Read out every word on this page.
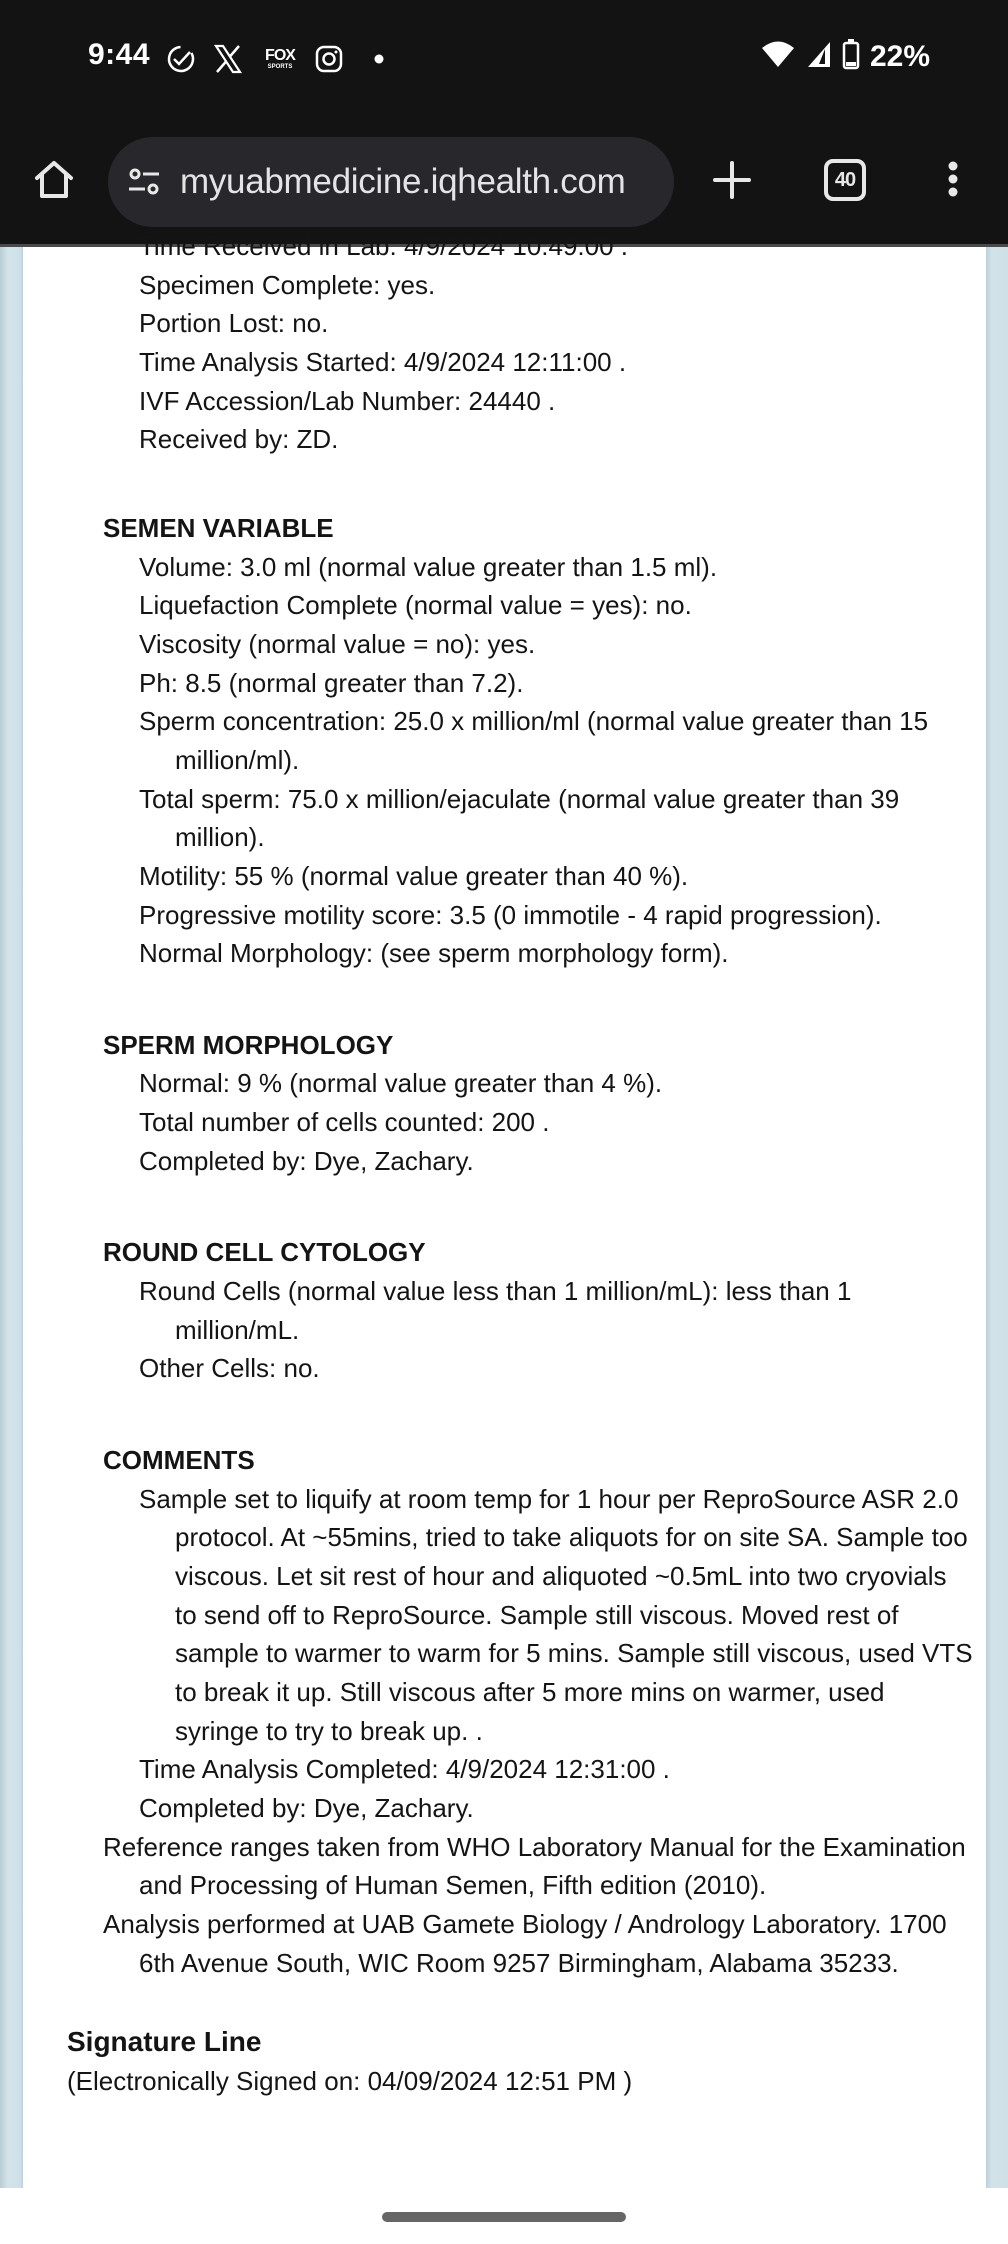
9:44	FOX
SPORTS	22%
myuabmedicine.iqhealth.com	40
Time Received in Lab: 4/9/2024 10:49:00 .
Specimen Complete: yes.
Portion Lost: no.
Time Analysis Started: 4/9/2024 12:11:00 .
IVF Accession/Lab Number: 24440 .
Received by: ZD.
SEMEN VARIABLE
Volume: 3.0 ml (normal value greater than 1.5 ml).
Liquefaction Complete (normal value = yes): no.
Viscosity (normal value = no): yes.
Ph: 8.5 (normal greater than 7.2).
Sperm concentration: 25.0 x million/ml (normal value greater than 15 million/ml).
Total sperm: 75.0 x million/ejaculate (normal value greater than 39 million).
Motility: 55 % (normal value greater than 40 %).
Progressive motility score: 3.5 (0 immotile - 4 rapid progression).
Normal Morphology: (see sperm morphology form).
SPERM MORPHOLOGY
Normal: 9 % (normal value greater than 4 %).
Total number of cells counted: 200 .
Completed by: Dye, Zachary.
ROUND CELL CYTOLOGY
Round Cells (normal value less than 1 million/mL): less than 1 million/mL.
Other Cells: no.
COMMENTS
Sample set to liquify at room temp for 1 hour per ReproSource ASR 2.0 protocol. At ~55mins, tried to take aliquots for on site SA. Sample too viscous. Let sit rest of hour and aliquoted ~0.5mL into two cryovials to send off to ReproSource. Sample still viscous. Moved rest of sample to warmer to warm for 5 mins. Sample still viscous, used VTS to break it up. Still viscous after 5 more mins on warmer, used syringe to try to break up. .
Time Analysis Completed: 4/9/2024 12:31:00 .
Completed by: Dye, Zachary.
Reference ranges taken from WHO Laboratory Manual for the Examination and Processing of Human Semen, Fifth edition (2010).
Analysis performed at UAB Gamete Biology / Andrology Laboratory. 1700 6th Avenue South, WIC Room 9257 Birmingham, Alabama 35233.
Signature Line
(Electronically Signed on: 04/09/2024 12:51 PM )
